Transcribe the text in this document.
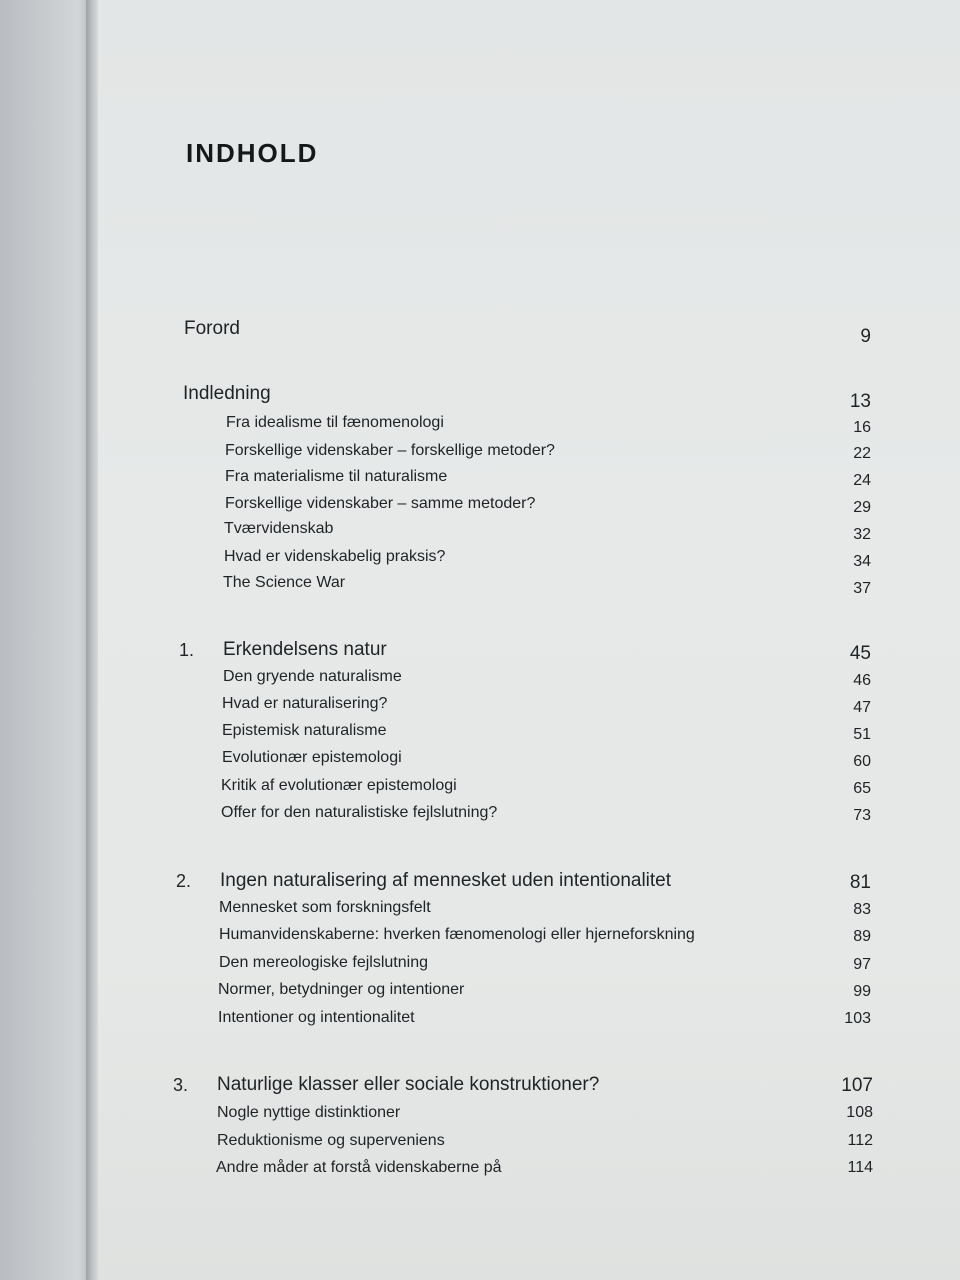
INDHOLD
Forord	9
Indledning	13
Fra idealisme til fænomenologi	16
Forskellige videnskaber – forskellige metoder?	22
Fra materialisme til naturalisme	24
Forskellige videnskaber – samme metoder?	29
Tværvidenskab	32
Hvad er videnskabelig praksis?	34
The Science War	37
1. Erkendelsens natur	45
Den gryende naturalisme	46
Hvad er naturalisering?	47
Epistemisk naturalisme	51
Evolutionær epistemologi	60
Kritik af evolutionær epistemologi	65
Offer for den naturalistiske fejlslutning?	73
2. Ingen naturalisering af mennesket uden intentionalitet	81
Mennesket som forskningsfelt	83
Humanvidenskaberne: hverken fænomenologi eller hjerneforskning	89
Den mereologiske fejlslutning	97
Normer, betydninger og intentioner	99
Intentioner og intentionalitet	103
3. Naturlige klasser eller sociale konstruktioner?	107
Nogle nyttige distinktioner	108
Reduktionisme og superveniens	112
Andre måder at forstå videnskaberne på	114
